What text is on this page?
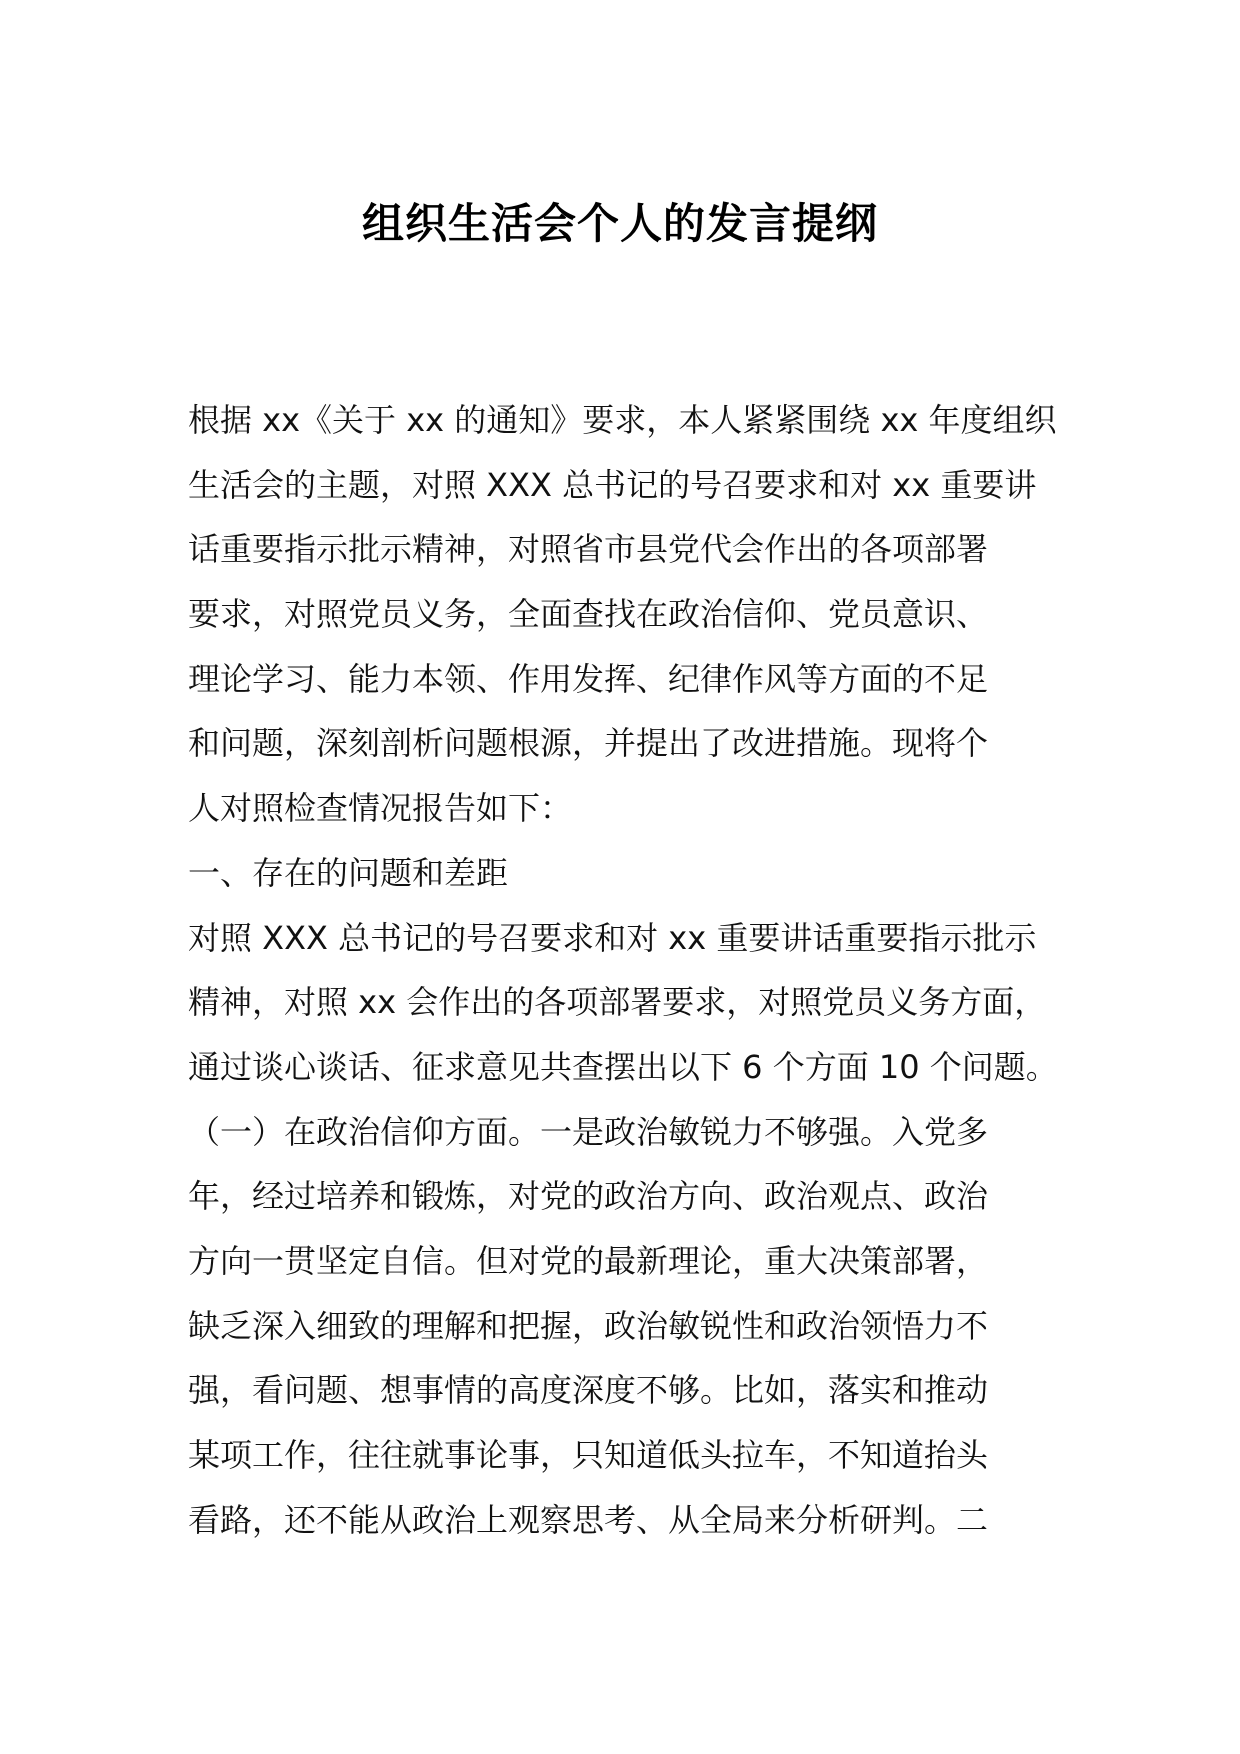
组织生活会个人的发言提纲
根据 xx《关于 xx 的通知》要求，本人紧紧围绕 xx 年度组织
生活会的主题，对照 XXX 总书记的号召要求和对 xx 重要讲
话重要指示批示精神，对照省市县党代会作出的各项部署
要求，对照党员义务，全面查找在政治信仰、党员意识、
理论学习、能力本领、作用发挥、纪律作风等方面的不足
和问题，深刻剖析问题根源，并提出了改进措施。现将个
人对照检查情况报告如下：
一、存在的问题和差距
对照 XXX 总书记的号召要求和对 xx 重要讲话重要指示批示
精神，对照 xx 会作出的各项部署要求，对照党员义务方面，
通过谈心谈话、征求意见共查摆出以下 6 个方面 10 个问题。
（一）在政治信仰方面。一是政治敏锐力不够强。入党多
年，经过培养和锻炼，对党的政治方向、政治观点、政治
方向一贯坚定自信。但对党的最新理论，重大决策部署，
缺乏深入细致的理解和把握，政治敏锐性和政治领悟力不
强，看问题、想事情的高度深度不够。比如，落实和推动
某项工作，往往就事论事，只知道低头拉车，不知道抬头
看路，还不能从政治上观察思考、从全局来分析研判。二
